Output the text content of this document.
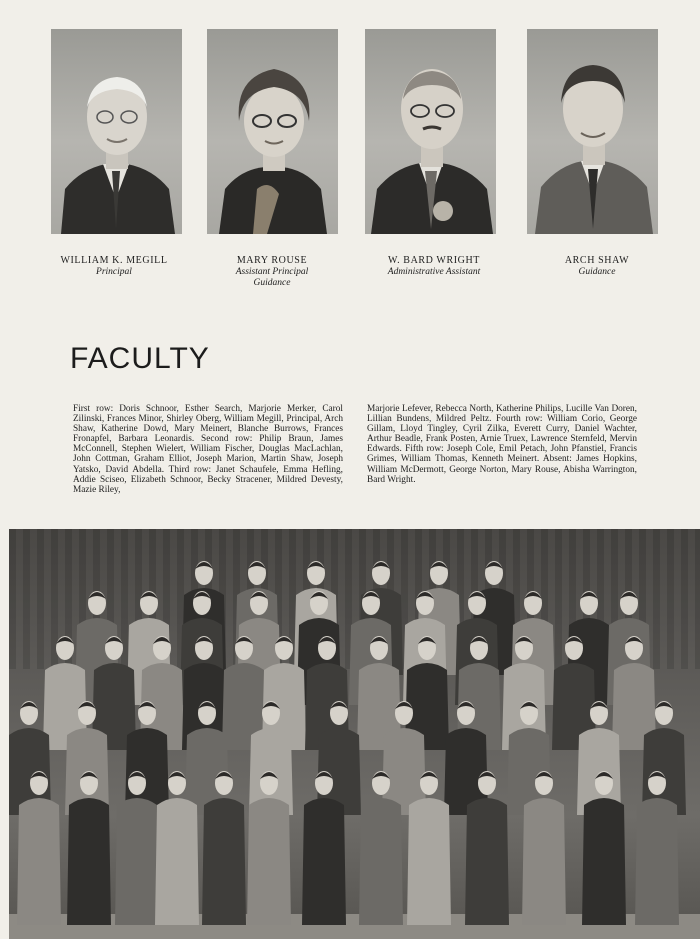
WILLIAM K. MEGILL
Principal
MARY ROUSE
Assistant Principal
Guidance
W. BARD WRIGHT
Administrative Assistant
ARCH SHAW
Guidance
FACULTY
First row: Doris Schnoor, Esther Search, Marjorie Merker, Carol Zilinski, Frances Minor, Shirley Oberg, William Megill, Principal, Arch Shaw, Katherine Dowd, Mary Meinert, Blanche Burrows, Frances Fronapfel, Barbara Leonardis. Second row: Philip Braun, James McConnell, Stephen Wielert, William Fischer, Douglas MacLachlan, John Cottman, Graham Elliot, Joseph Marion, Martin Shaw, Joseph Yatsko, David Abdella. Third row: Janet Schaufele, Emma Hefling, Addie Sciseo, Elizabeth Schnoor, Becky Stracener, Mildred Devesty, Mazie Riley,
Marjorie Lefever, Rebecca North, Katherine Philips, Lucille Van Doren, Lillian Bundens, Mildred Peltz. Fourth row: William Corio, George Gillam, Lloyd Tingley, Cyril Zilka, Everett Curry, Daniel Wachter, Arthur Beadle, Frank Posten, Arnie Truex, Lawrence Sternfeld, Mervin Edwards. Fifth row: Joseph Cole, Emil Petach, John Pfanstiel, Francis Grimes, William Thomas, Kenneth Meinert. Absent: James Hopkins, William McDermott, George Norton, Mary Rouse, Abisha Warrington, Bard Wright.
